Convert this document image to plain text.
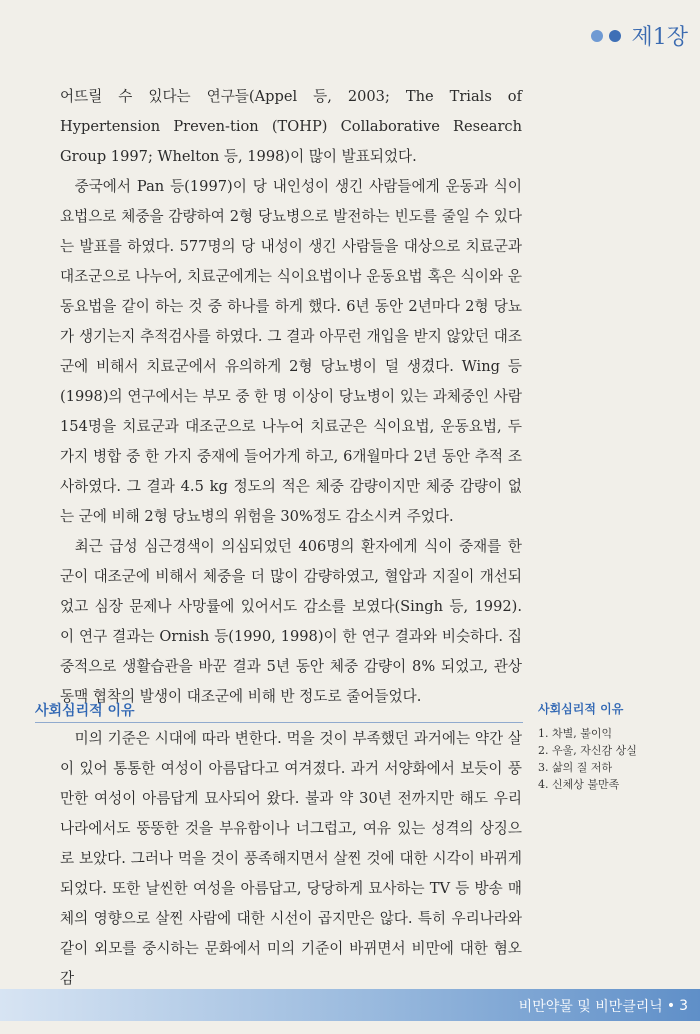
제1장

어뜨릴 수 있다는 연구들(Appel 등, 2003; The Trials of Hypertension Preven-tion (TOHP) Collaborative Research Group 1997; Whelton 등, 1998)이 많이 발표되었다.

중국에서 Pan 등(1997)이 당 내인성이 생긴 사람들에게 운동과 식이요법으로 체중을 감량하여 2형 당뇨병으로 발전하는 빈도를 줄일 수 있다는 발표를 하였다. 577명의 당 내성이 생긴 사람들을 대상으로 치료군과 대조군으로 나누어, 치료군에게는 식이요법이나 운동요법 혹은 식이와 운동요법을 같이 하는 것 중 하나를 하게 했다. 6년 동안 2년마다 2형 당뇨가 생기는지 추적검사를 하였다. 그 결과 아무런 개입을 받지 않았던 대조군에 비해서 치료군에서 유의하게 2형 당뇨병이 덜 생겼다. Wing 등(1998)의 연구에서는 부모 중 한 명 이상이 당뇨병이 있는 과체중인 사람 154명을 치료군과 대조군으로 나누어 치료군은 식이요법, 운동요법, 두 가지 병합 중 한 가지 중재에 들어가게 하고, 6개월마다 2년 동안 추적 조사하였다. 그 결과 4.5 kg 정도의 적은 체중 감량이지만 체중 감량이 없는 군에 비해 2형 당뇨병의 위험을 30%정도 감소시켜 주었다.

최근 급성 심근경색이 의심되었던 406명의 환자에게 식이 중재를 한 군이 대조군에 비해서 체중을 더 많이 감량하였고, 혈압과 지질이 개선되었고 심장 문제나 사망률에 있어서도 감소를 보였다(Singh 등, 1992). 이 연구 결과는 Ornish 등(1990, 1998)이 한 연구 결과와 비슷하다. 집중적으로 생활습관을 바꾼 결과 5년 동안 체중 감량이 8% 되었고, 관상동맥 협착의 발생이 대조군에 비해 반 정도로 줄어들었다.

사회심리적 이유

미의 기준은 시대에 따라 변한다. 먹을 것이 부족했던 과거에는 약간 살이 있어 통통한 여성이 아름답다고 여겨졌다. 과거 서양화에서 보듯이 풍만한 여성이 아름답게 묘사되어 왔다. 불과 약 30년 전까지만 해도 우리나라에서도 뚱뚱한 것을 부유함이나 너그럽고, 여유 있는 성격의 상징으로 보았다. 그러나 먹을 것이 풍족해지면서 살찐 것에 대한 시각이 바뀌게 되었다. 또한 날씬한 여성을 아름답고, 당당하게 묘사하는 TV 등 방송 매체의 영향으로 살찐 사람에 대한 시선이 곱지만은 않다. 특히 우리나라와 같이 외모를 중시하는 문화에서 미의 기준이 바뀌면서 비만에 대한 혐오감

사회심리적 이유
1. 차별, 불이익
2. 우울, 자신감 상실
3. 삶의 질 저하
4. 신체상 불만족
비만약물 및 비만클리닉 • 3
